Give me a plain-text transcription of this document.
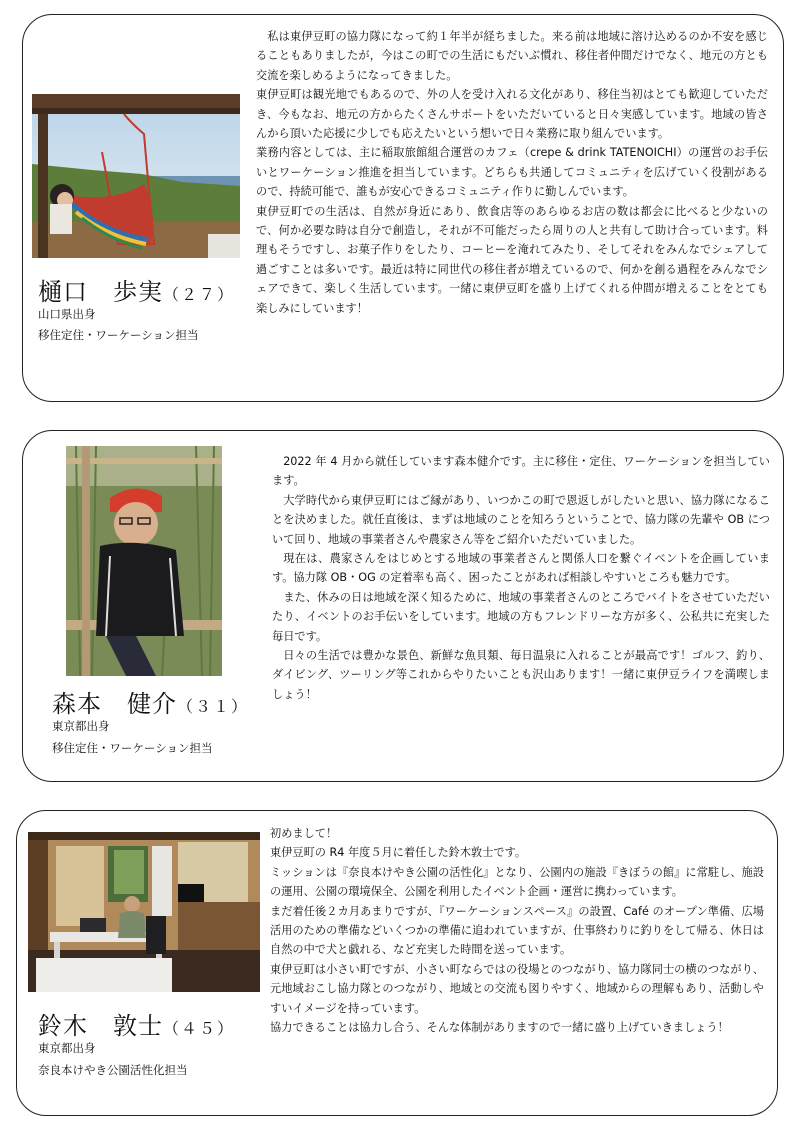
樋口　歩実（２７）
山口県出身
移住定住・ワーケーション担当

私は東伊豆町の協力隊になって約１年半が経ちました。来る前は地域に溶け込めるのか不安を感じることもありましたが，今はこの町での生活にもだいぶ慣れ、移住者仲間だけでなく、地元の方とも交流を楽しめるようになってきました。

東伊豆町は観光地でもあるので、外の人を受け入れる文化があり、移住当初はとても歓迎していただき、今もなお、地元の方からたくさんサポートをいただいていると日々実感しています。地域の皆さんから頂いた応援に少しでも応えたいという想いで日々業務に取り組んでいます。

業務内容としては、主に稲取旅館組合運営のカフェ（crepe & drink TATENOICHI）の運営のお手伝いとワーケーション推進を担当しています。どちらも共通してコミュニティを広げていく役割があるので、持続可能で、誰もが安心できるコミュニティ作りに勤しんでいます。

東伊豆町での生活は、自然が身近にあり、飲食店等のあらゆるお店の数は都会に比べると少ないので、何か必要な時は自分で創造し，それが不可能だったら周りの人と共有して助け合っています。料理もそうですし、お菓子作りをしたり、コーヒーを淹れてみたり、そしてそれをみんなでシェアして過ごすことは多いです。最近は特に同世代の移住者が増えているので、何かを創る過程をみんなでシェアできて、楽しく生活しています。一緒に東伊豆町を盛り上げてくれる仲間が増えることをとても楽しみにしています！

森本　健介（３１）
東京都出身
移住定住・ワーケーション担当

2022 年 4 月から就任しています森本健介です。主に移住・定住、ワーケーションを担当しています。

大学時代から東伊豆町にはご縁があり、いつかこの町で恩返しがしたいと思い、協力隊になることを決めました。就任直後は、まずは地域のことを知ろうということで、協力隊の先輩や OB について回り、地域の事業者さんや農家さん等をご紹介いただいていました。

現在は、農家さんをはじめとする地域の事業者さんと関係人口を繋ぐイベントを企画しています。協力隊 OB・OG の定着率も高く、困ったことがあれば相談しやすいところも魅力です。

また、休みの日は地域を深く知るために、地域の事業者さんのところでバイトをさせていただいたり、イベントのお手伝いをしています。地域の方もフレンドリーな方が多く、公私共に充実した毎日です。

日々の生活では豊かな景色、新鮮な魚貝類、毎日温泉に入れることが最高です！ゴルフ、釣り、ダイビング、ツーリング等これからやりたいことも沢山あります！一緒に東伊豆ライフを満喫しましょう！

鈴木　敦士（４５）
東京都出身
奈良本けやき公園活性化担当

初めまして！

東伊豆町の R4 年度５月に着任した鈴木敦士です。

ミッションは『奈良本けやき公園の活性化』となり、公園内の施設『きぼうの館』に常駐し、施設の運用、公園の環境保全、公園を利用したイベント企画・運営に携わっています。

まだ着任後２カ月あまりですが、『ワーケーションスペース』の設置、Café のオープン準備、広場活用のための準備などいくつかの準備に追われていますが、仕事終わりに釣りをして帰る、休日は自然の中で犬と戯れる、など充実した時間を送っています。

東伊豆町は小さい町ですが、小さい町ならではの役場とのつながり、協力隊同士の横のつながり、元地域おこし協力隊とのつながり、地域との交流も図りやすく、地域からの理解もあり、活動しやすいイメージを持っています。

協力できることは協力し合う、そんな体制がありますので一緒に盛り上げていきましょう！
